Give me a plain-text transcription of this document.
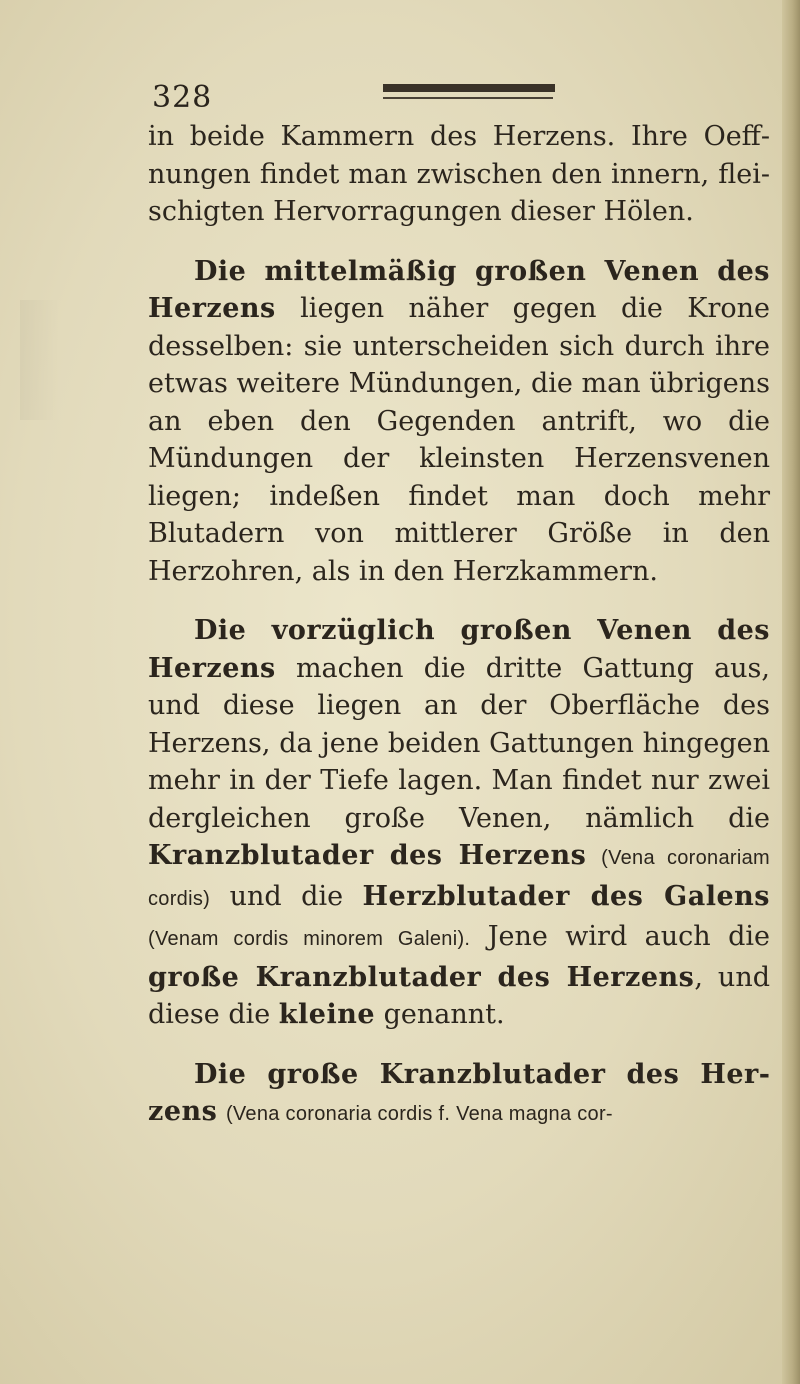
328

in beide Kammern des Herzens. Ihre Oeffnungen findet man zwischen den innern, fleischigten Hervorragungen dieser Hölen.

Die mittelmäßig großen Venen des Herzens liegen näher gegen die Krone desselben: sie unterscheiden sich durch ihre etwas weitere Mündungen, die man übrigens an eben den Gegenden antrift, wo die Mündungen der kleinsten Herzensvenen liegen; indeßen findet man doch mehr Blutadern von mittlerer Größe in den Herzohren, als in den Herzkammern.

Die vorzüglich großen Venen des Herzens machen die dritte Gattung aus, und diese liegen an der Oberfläche des Herzens, da jene beiden Gattungen hingegen mehr in der Tiefe lagen. Man findet nur zwei dergleichen große Venen, nämlich die Kranzblutader des Herzens (Vena coronariam cordis) und die Herzblutader des Galens (Venam cordis minorem Galeni). Jene wird auch die große Kranzblutader des Herzens, und diese die kleine genannt.

Die große Kranzblutader des Herzens (Vena coronaria cordis f. Vena magna cor-
